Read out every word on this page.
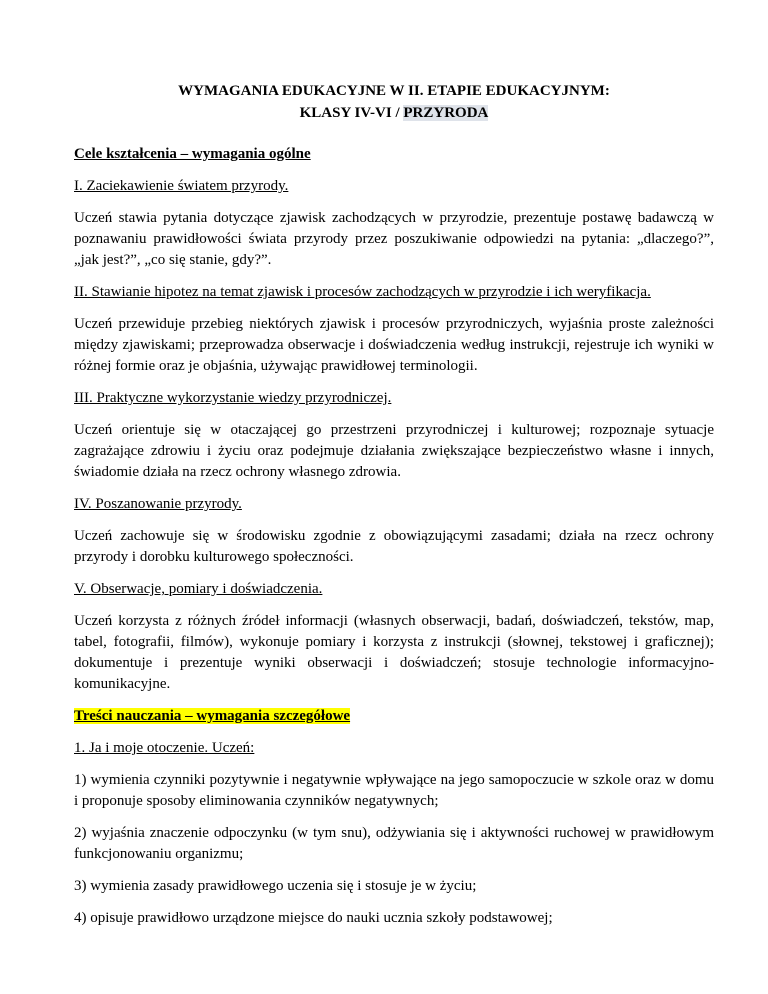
WYMAGANIA EDUKACYJNE W II. ETAPIE EDUKACYJNYM:

KLASY IV-VI / PRZYRODA

Cele kształcenia – wymagania ogólne

I. Zaciekawienie światem przyrody.

Uczeń stawia pytania dotyczące zjawisk zachodzących w przyrodzie, prezentuje postawę badawczą w poznawaniu prawidłowości świata przyrody przez poszukiwanie odpowiedzi na pytania: „dlaczego?”, „jak jest?”, „co się stanie, gdy?”.

II. Stawianie hipotez na temat zjawisk i procesów zachodzących w przyrodzie i ich weryfikacja.

Uczeń przewiduje przebieg niektórych zjawisk i procesów przyrodniczych, wyjaśnia proste zależności między zjawiskami; przeprowadza obserwacje i doświadczenia według instrukcji, rejestruje ich wyniki w różnej formie oraz je objaśnia, używając prawidłowej terminologii.

III. Praktyczne wykorzystanie wiedzy przyrodniczej.

Uczeń orientuje się w otaczającej go przestrzeni przyrodniczej i kulturowej; rozpoznaje sytuacje zagrażające zdrowiu i życiu oraz podejmuje działania zwiększające bezpieczeństwo własne i innych, świadomie działa na rzecz ochrony własnego zdrowia.

IV. Poszanowanie przyrody.

Uczeń zachowuje się w środowisku zgodnie z obowiązującymi zasadami; działa na rzecz ochrony przyrody i dorobku kulturowego społeczności.

V. Obserwacje, pomiary i doświadczenia.

Uczeń korzysta z różnych źródeł informacji (własnych obserwacji, badań, doświadczeń, tekstów, map, tabel, fotografii, filmów), wykonuje pomiary i korzysta z instrukcji (słownej, tekstowej i graficznej); dokumentuje i prezentuje wyniki obserwacji i doświadczeń; stosuje technologie informacyjno-komunikacyjne.

Treści nauczania – wymagania szczegółowe

1. Ja i moje otoczenie. Uczeń:

1) wymienia czynniki pozytywnie i negatywnie wpływające na jego samopoczucie w szkole oraz w domu i proponuje sposoby eliminowania czynników negatywnych;

2) wyjaśnia znaczenie odpoczynku (w tym snu), odżywiania się i aktywności ruchowej w prawidłowym funkcjonowaniu organizmu;

3) wymienia zasady prawidłowego uczenia się i stosuje je w życiu;

4) opisuje prawidłowo urządzone miejsce do nauki ucznia szkoły podstawowej;
